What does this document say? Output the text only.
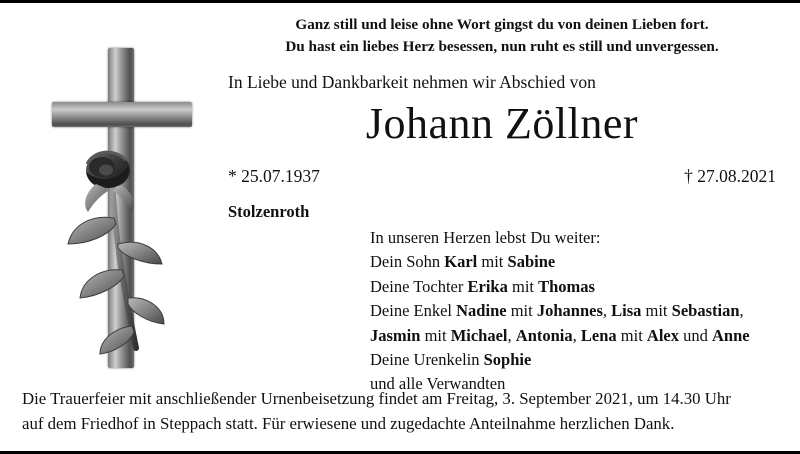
Ganz still und leise ohne Wort gingst du von deinen Lieben fort.
Du hast ein liebes Herz besessen, nun ruht es still und unvergessen.
In Liebe und Dankbarkeit nehmen wir Abschied von
Johann Zöllner
* 25.07.1937	† 27.08.2021
Stolzenroth
In unseren Herzen lebst Du weiter:
Dein Sohn Karl mit Sabine
Deine Tochter Erika mit Thomas
Deine Enkel Nadine mit Johannes, Lisa mit Sebastian,
Jasmin mit Michael, Antonia, Lena mit Alex und Anne
Deine Urenkelin Sophie
und alle Verwandten
Die Trauerfeier mit anschließender Urnenbeisetzung findet am Freitag, 3. September 2021, um 14.30 Uhr
auf dem Friedhof in Steppach statt. Für erwiesene und zugedachte Anteilnahme herzlichen Dank.
